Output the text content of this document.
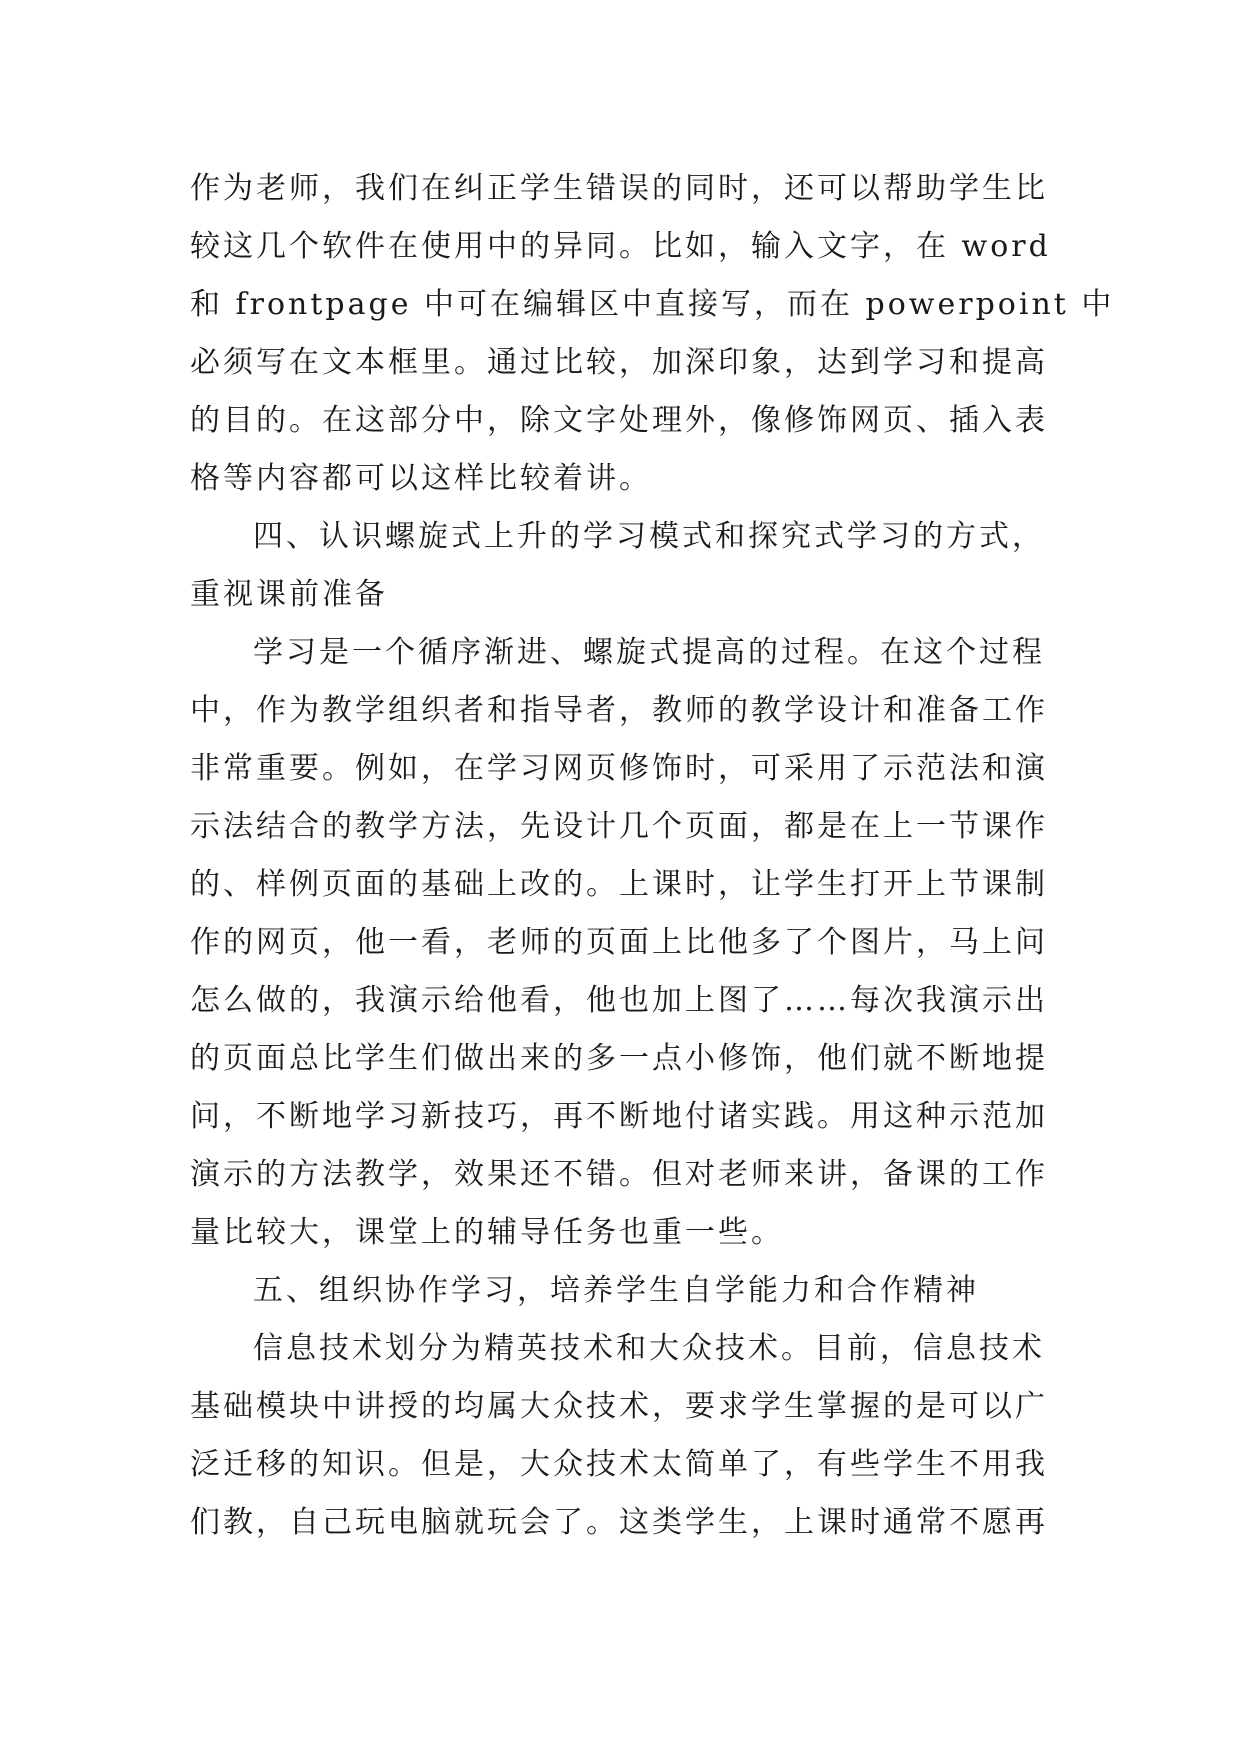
作为老师，我们在纠正学生错误的同时，还可以帮助学生比
较这几个软件在使用中的异同。比如，输入文字，在 word
和 frontpage 中可在编辑区中直接写，而在 powerpoint 中
必须写在文本框里。通过比较，加深印象，达到学习和提高
的目的。在这部分中，除文字处理外，像修饰网页、插入表
格等内容都可以这样比较着讲。
四、认识螺旋式上升的学习模式和探究式学习的方式，
重视课前准备
学习是一个循序渐进、螺旋式提高的过程。在这个过程
中，作为教学组织者和指导者，教师的教学设计和准备工作
非常重要。例如，在学习网页修饰时，可采用了示范法和演
示法结合的教学方法，先设计几个页面，都是在上一节课作
的、样例页面的基础上改的。上课时，让学生打开上节课制
作的网页，他一看，老师的页面上比他多了个图片，马上问
怎么做的，我演示给他看，他也加上图了……每次我演示出
的页面总比学生们做出来的多一点小修饰，他们就不断地提
问，不断地学习新技巧，再不断地付诸实践。用这种示范加
演示的方法教学，效果还不错。但对老师来讲，备课的工作
量比较大，课堂上的辅导任务也重一些。
五、组织协作学习，培养学生自学能力和合作精神
信息技术划分为精英技术和大众技术。目前，信息技术
基础模块中讲授的均属大众技术，要求学生掌握的是可以广
泛迁移的知识。但是，大众技术太简单了，有些学生不用我
们教，自己玩电脑就玩会了。这类学生，上课时通常不愿再
